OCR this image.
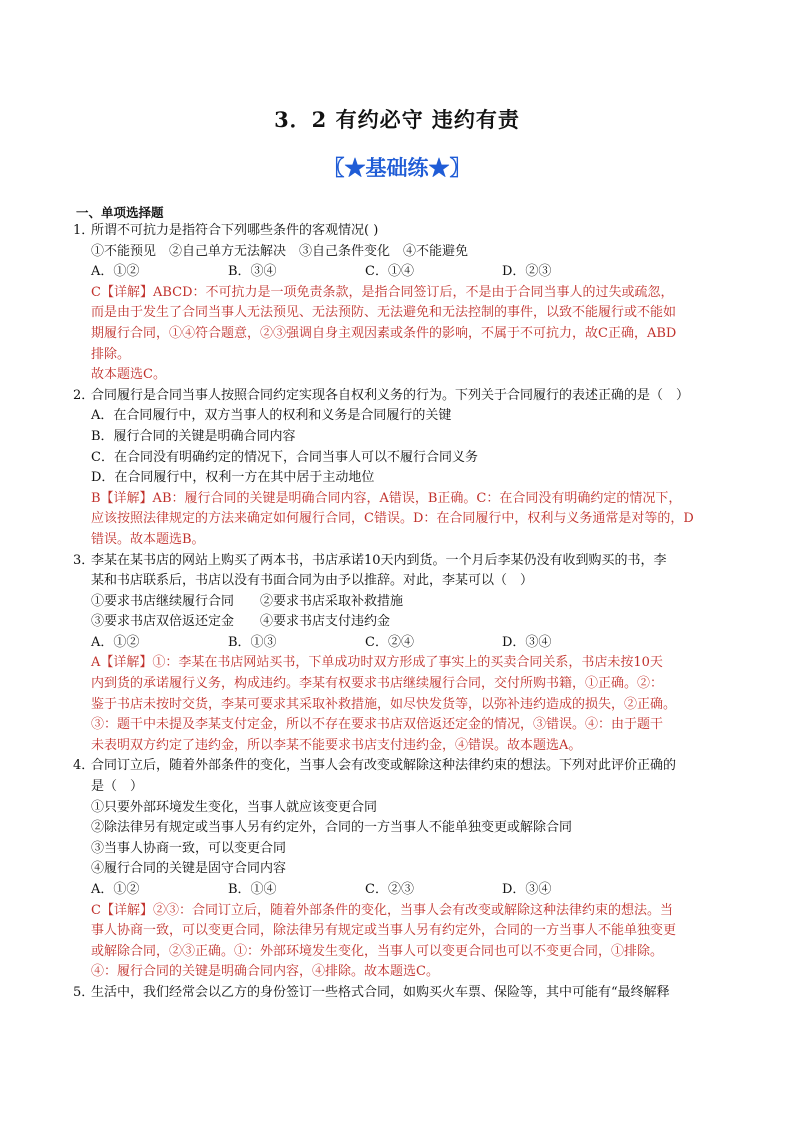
3．2 有约必守 违约有责
〖★基础练★〗
一、单项选择题
1．
所谓不可抗力是指符合下列哪些条件的客观情况( )
①不能预见　②自己单方无法解决　③自己条件变化　④不能避免
A．①②	B．③④	C．①④	D．②③

C【详解】ABCD：不可抗力是一项免责条款，是指合同签订后，不是由于合同当事人的过失或疏忽，

而是由于发生了合同当事人无法预见、无法预防、无法避免和无法控制的事件，以致不能履行或不能如

期履行合同，①④符合题意，②③强调自身主观因素或条件的影响，不属于不可抗力，故C正确，ABD

排除。

故本题选C。

2．
合同履行是合同当事人按照合同约定实现各自权利义务的行为。下列关于合同履行的表述正确的是（　）
A．在合同履行中，双方当事人的权利和义务是合同履行的关键
B．履行合同的关键是明确合同内容
C．在合同没有明确约定的情况下，合同当事人可以不履行合同义务
D．在合同履行中，权利一方在其中居于主动地位

B【详解】AB：履行合同的关键是明确合同内容，A错误，B正确。C：在合同没有明确约定的情况下，

应该按照法律规定的方法来确定如何履行合同，C错误。D：在合同履行中，权利与义务通常是对等的，D

错误。故本题选B。

3．
李某在某书店的网站上购买了两本书，书店承诺10天内到货。一个月后李某仍没有收到购买的书，李
某和书店联系后，书店以没有书面合同为由予以推辞。对此，李某可以（　）
①要求书店继续履行合同　　②要求书店采取补救措施
③要求书店双倍返还定金　　④要求书店支付违约金
A．①②	B．①③	C．②④	D．③④

A【详解】①：李某在书店网站买书，下单成功时双方形成了事实上的买卖合同关系，书店未按10天

内到货的承诺履行义务，构成违约。李某有权要求书店继续履行合同，交付所购书籍，①正确。②：

鉴于书店未按时交货，李某可要求其采取补救措施，如尽快发货等，以弥补违约造成的损失，②正确。

③：题干中未提及李某支付定金，所以不存在要求书店双倍返还定金的情况，③错误。④：由于题干

未表明双方约定了违约金，所以李某不能要求书店支付违约金，④错误。故本题选A。

4．
合同订立后，随着外部条件的变化，当事人会有改变或解除这种法律约束的想法。下列对此评价正确的
是（　）
①只要外部环境发生变化，当事人就应该变更合同
②除法律另有规定或当事人另有约定外，合同的一方当事人不能单独变更或解除合同
③当事人协商一致，可以变更合同
④履行合同的关键是固守合同内容
A．①②	B．①④	C．②③	D．③④

C【详解】②③：合同订立后，随着外部条件的变化，当事人会有改变或解除这种法律约束的想法。当

事人协商一致，可以变更合同，除法律另有规定或当事人另有约定外，合同的一方当事人不能单独变更

或解除合同，②③正确。①：外部环境发生变化，当事人可以变更合同也可以不变更合同，①排除。

④：履行合同的关键是明确合同内容，④排除。故本题选C。

5．
生活中，我们经常会以乙方的身份签订一些格式合同，如购买火车票、保险等，其中可能有“最终解释
